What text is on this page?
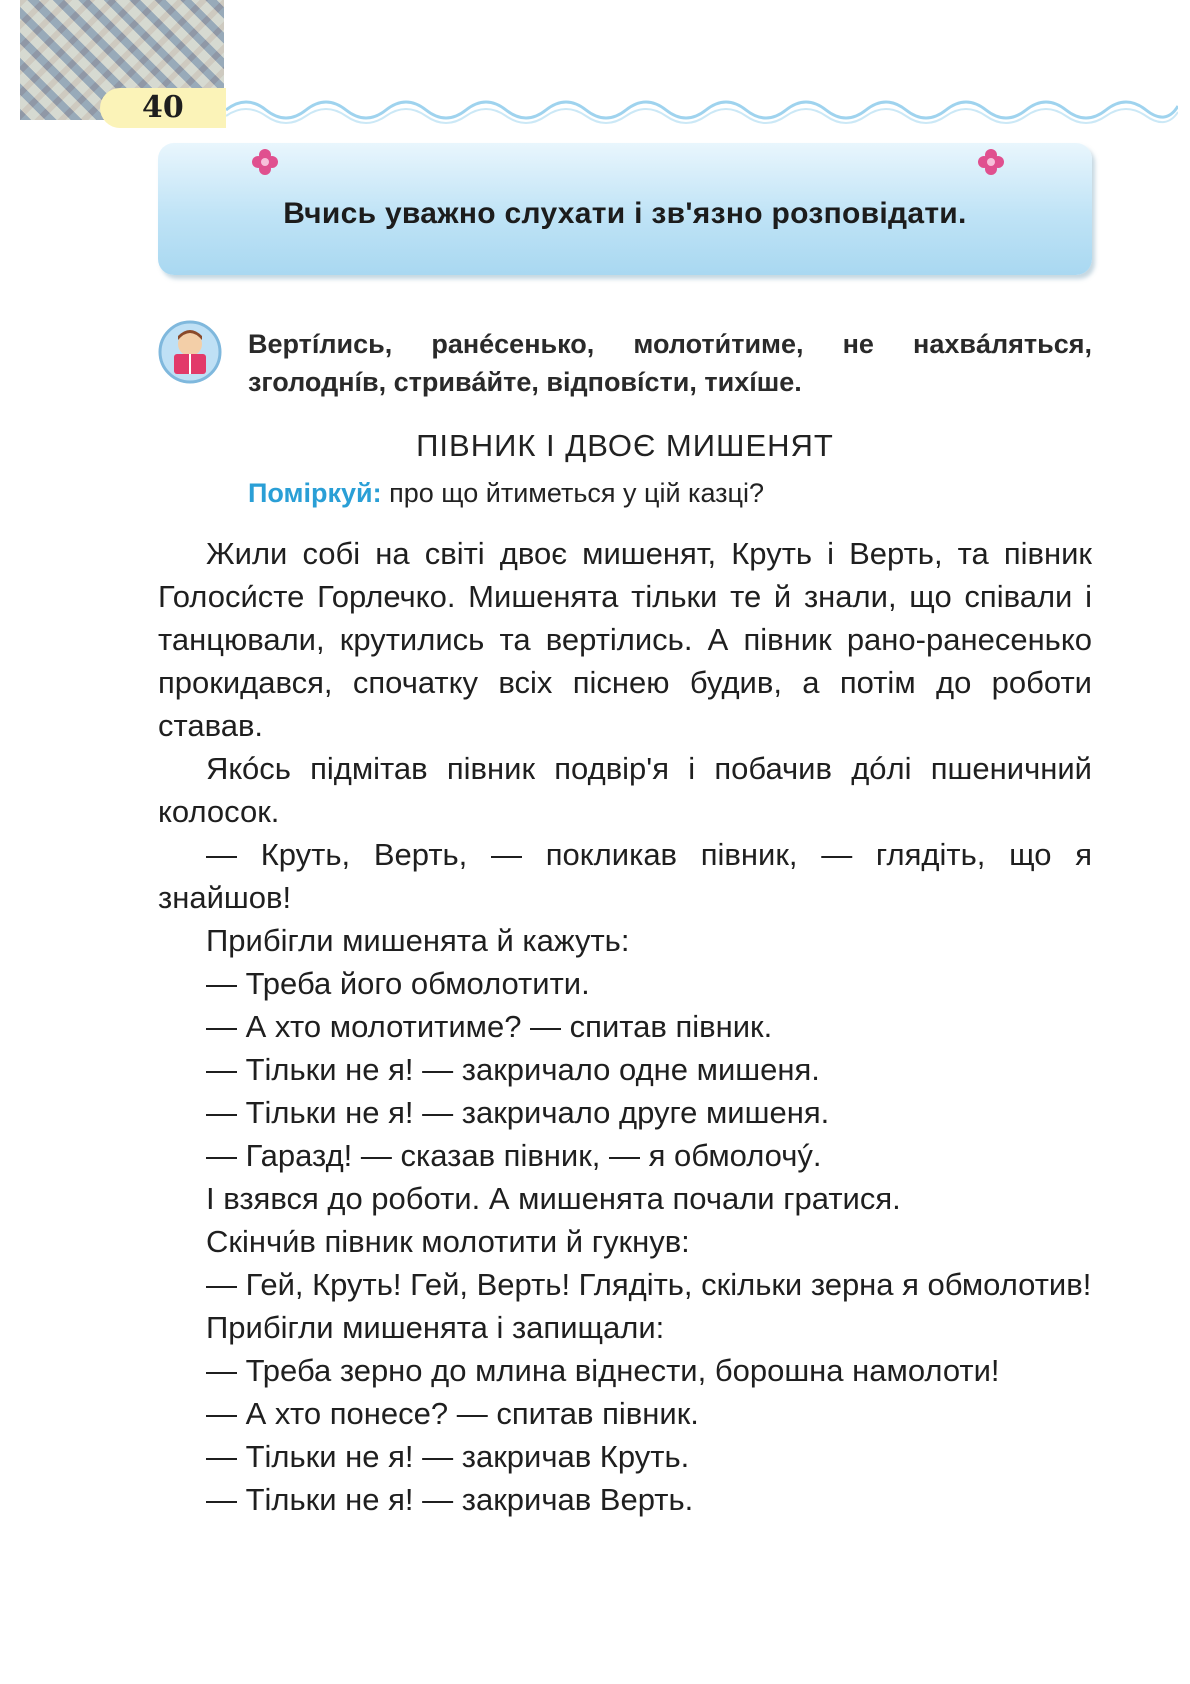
40
Вчись уважно слухати і зв'язно розповідати.
Вертíлись, ранéсенько, молоти́тиме, не нахвáляться, зголоднíв, стривáйте, відповíсти, тихíше.
ПІВНИК І ДВОЄ МИШЕНЯТ
Поміркуй: про що йтиметься у цій казці?

Жили собі на світі двоє мишенят, Круть і Верть, та півник Голоси́сте Горлечко. Мишенята тільки те й знали, що співали і танцювали, крутились та вертілись. А півник рано-ранесенько прокидався, спочатку всіх піснею будив, а потім до роботи ставав.

Якóсь підмітав півник подвір'я і побачив дóлі пшеничний колосок.

— Круть, Верть, — покликав півник, — глядіть, що я знайшов!

Прибігли мишенята й кажуть:

— Треба його обмолотити.

— А хто молотитиме? — спитав півник.

— Тільки не я! — закричало одне мишеня.

— Тільки не я! — закричало друге мишеня.

— Гаразд! — сказав півник, — я обмолочý.

І взявся до роботи. А мишенята почали гратися.

Скінчи́в півник молотити й гукнув:

— Гей, Круть! Гей, Верть! Глядіть, скільки зерна я обмолотив!

Прибігли мишенята і запищали:

— Треба зерно до млина віднести, борошна намолоти!

— А хто понесе? — спитав півник.

— Тільки не я! — закричав Круть.

— Тільки не я! — закричав Верть.
